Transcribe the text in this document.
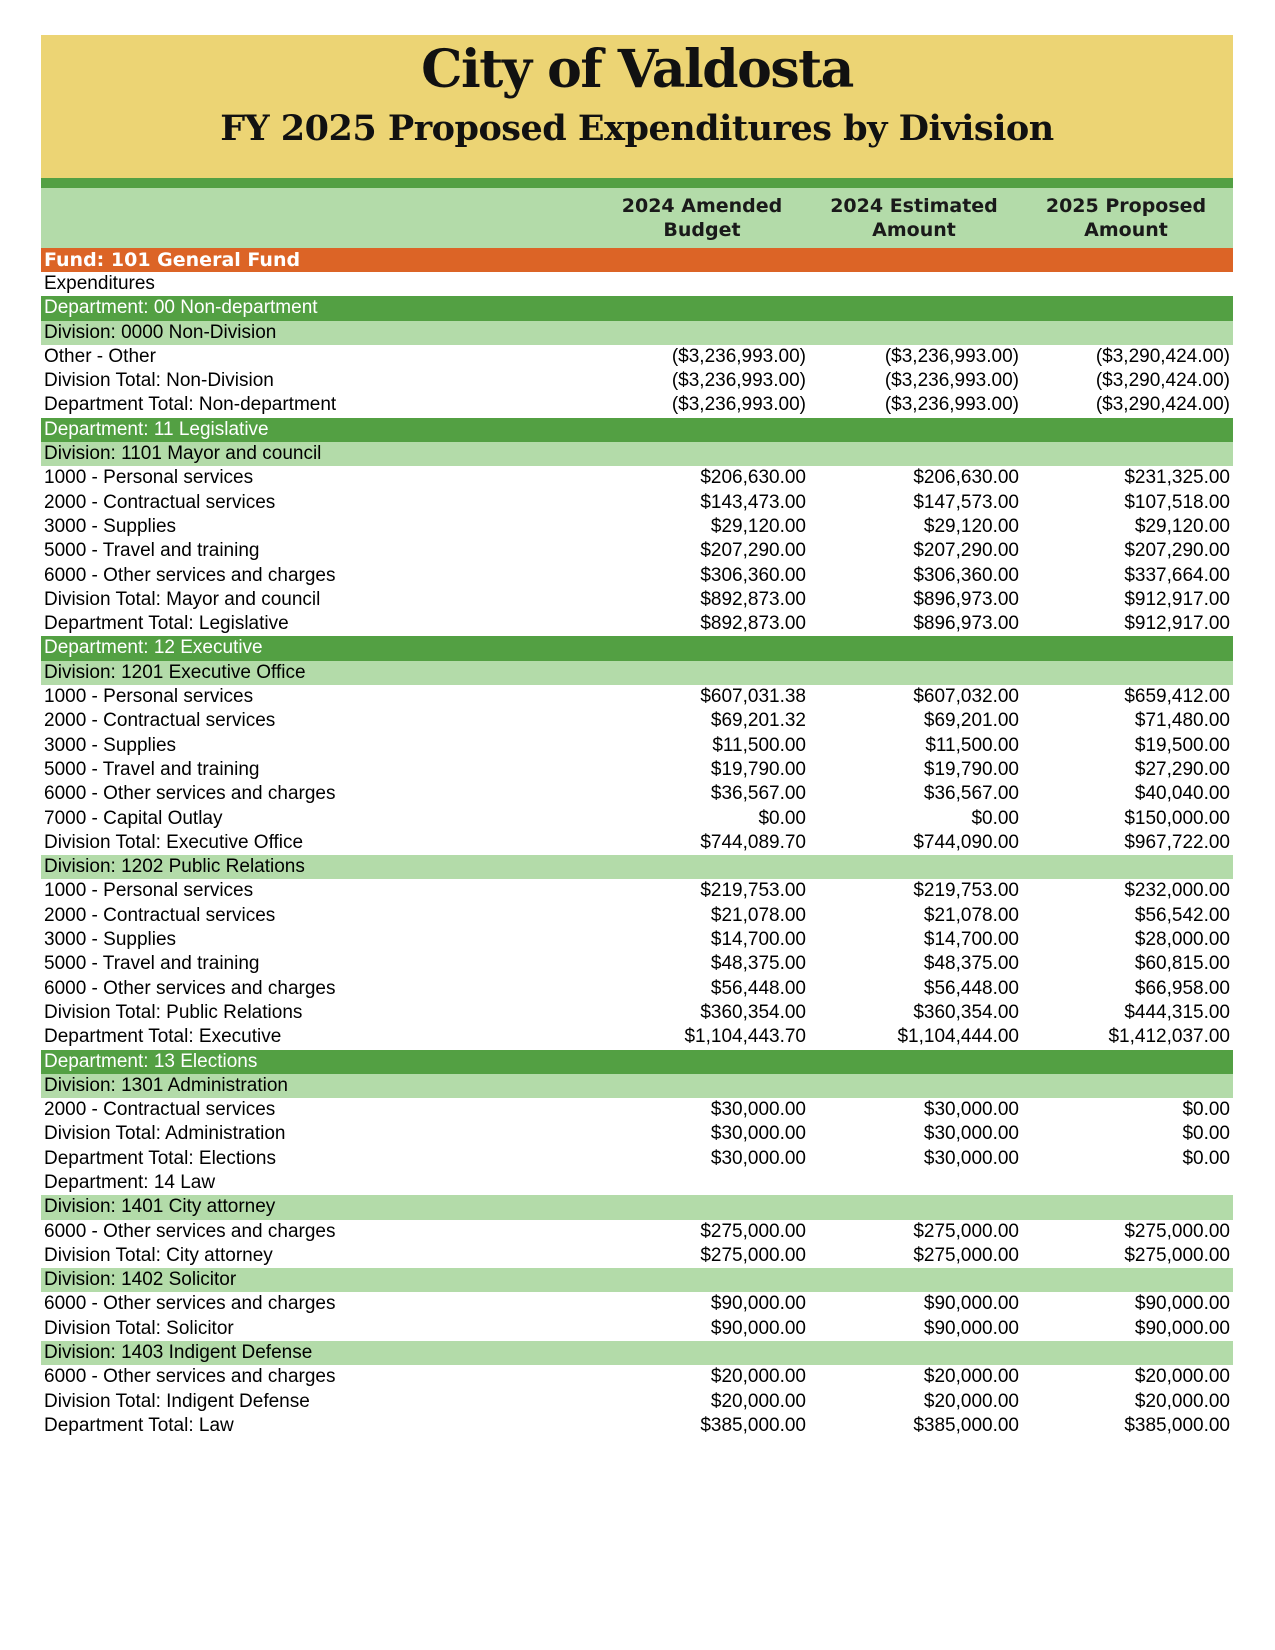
City of Valdosta
FY 2025 Proposed Expenditures by Division
2024 Amended
Budget
2024 Estimated
Amount
2025 Proposed
Amount
Fund: 101 General Fund
Expenditures
Department: 00 Non-department
Division: 0000 Non-Division
Other - Other	($3,236,993.00)	($3,236,993.00)	($3,290,424.00)
Division Total: Non-Division	($3,236,993.00)	($3,236,993.00)	($3,290,424.00)
Department Total: Non-department	($3,236,993.00)	($3,236,993.00)	($3,290,424.00)
Department: 11 Legislative
Division: 1101 Mayor and council
1000 - Personal services	$206,630.00	$206,630.00	$231,325.00
2000 - Contractual services	$143,473.00	$147,573.00	$107,518.00
3000 - Supplies	$29,120.00	$29,120.00	$29,120.00
5000 - Travel and training	$207,290.00	$207,290.00	$207,290.00
6000 - Other services and charges	$306,360.00	$306,360.00	$337,664.00
Division Total: Mayor and council	$892,873.00	$896,973.00	$912,917.00
Department Total: Legislative	$892,873.00	$896,973.00	$912,917.00
Department: 12 Executive
Division: 1201 Executive Office
1000 - Personal services	$607,031.38	$607,032.00	$659,412.00
2000 - Contractual services	$69,201.32	$69,201.00	$71,480.00
3000 - Supplies	$11,500.00	$11,500.00	$19,500.00
5000 - Travel and training	$19,790.00	$19,790.00	$27,290.00
6000 - Other services and charges	$36,567.00	$36,567.00	$40,040.00
7000 - Capital Outlay	$0.00	$0.00	$150,000.00
Division Total: Executive Office	$744,089.70	$744,090.00	$967,722.00
Division: 1202 Public Relations
1000 - Personal services	$219,753.00	$219,753.00	$232,000.00
2000 - Contractual services	$21,078.00	$21,078.00	$56,542.00
3000 - Supplies	$14,700.00	$14,700.00	$28,000.00
5000 - Travel and training	$48,375.00	$48,375.00	$60,815.00
6000 - Other services and charges	$56,448.00	$56,448.00	$66,958.00
Division Total: Public Relations	$360,354.00	$360,354.00	$444,315.00
Department Total: Executive	$1,104,443.70	$1,104,444.00	$1,412,037.00
Department: 13 Elections
Division: 1301 Administration
2000 - Contractual services	$30,000.00	$30,000.00	$0.00
Division Total: Administration	$30,000.00	$30,000.00	$0.00
Department Total: Elections	$30,000.00	$30,000.00	$0.00
Department: 14 Law
Division: 1401 City attorney
6000 - Other services and charges	$275,000.00	$275,000.00	$275,000.00
Division Total: City attorney	$275,000.00	$275,000.00	$275,000.00
Division: 1402 Solicitor
6000 - Other services and charges	$90,000.00	$90,000.00	$90,000.00
Division Total: Solicitor	$90,000.00	$90,000.00	$90,000.00
Division: 1403 Indigent Defense
6000 - Other services and charges	$20,000.00	$20,000.00	$20,000.00
Division Total: Indigent Defense	$20,000.00	$20,000.00	$20,000.00
Department Total: Law	$385,000.00	$385,000.00	$385,000.00
